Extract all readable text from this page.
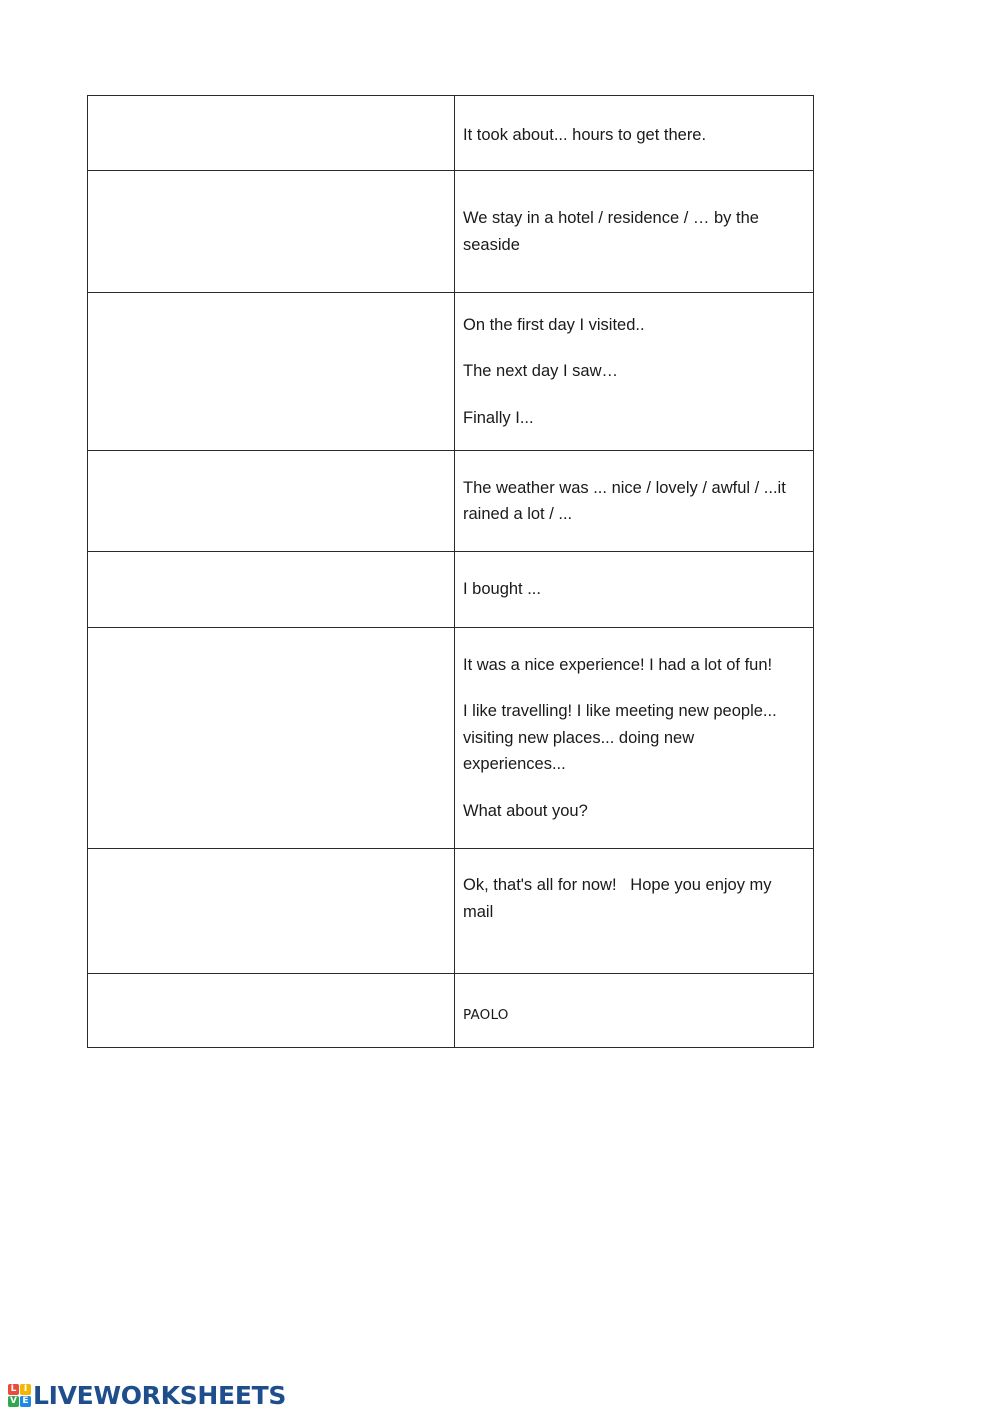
	It took about... hours to get there.

	We stay in a hotel / residence / … by the

seaside

	On the first day I visited..

The next day I saw…

Finally I...

	The weather was ... nice / lovely / awful / ...it

rained a lot / ...

	I bought ...

	It was a nice experience! I had a lot of fun!

I like travelling! I like meeting new people...

visiting new places... doing new

experiences...

What about you?

	Ok, that's all for now!   Hope you enjoy my

mail

	PAOLO

L I
V E LIVEWORKSHEETS
